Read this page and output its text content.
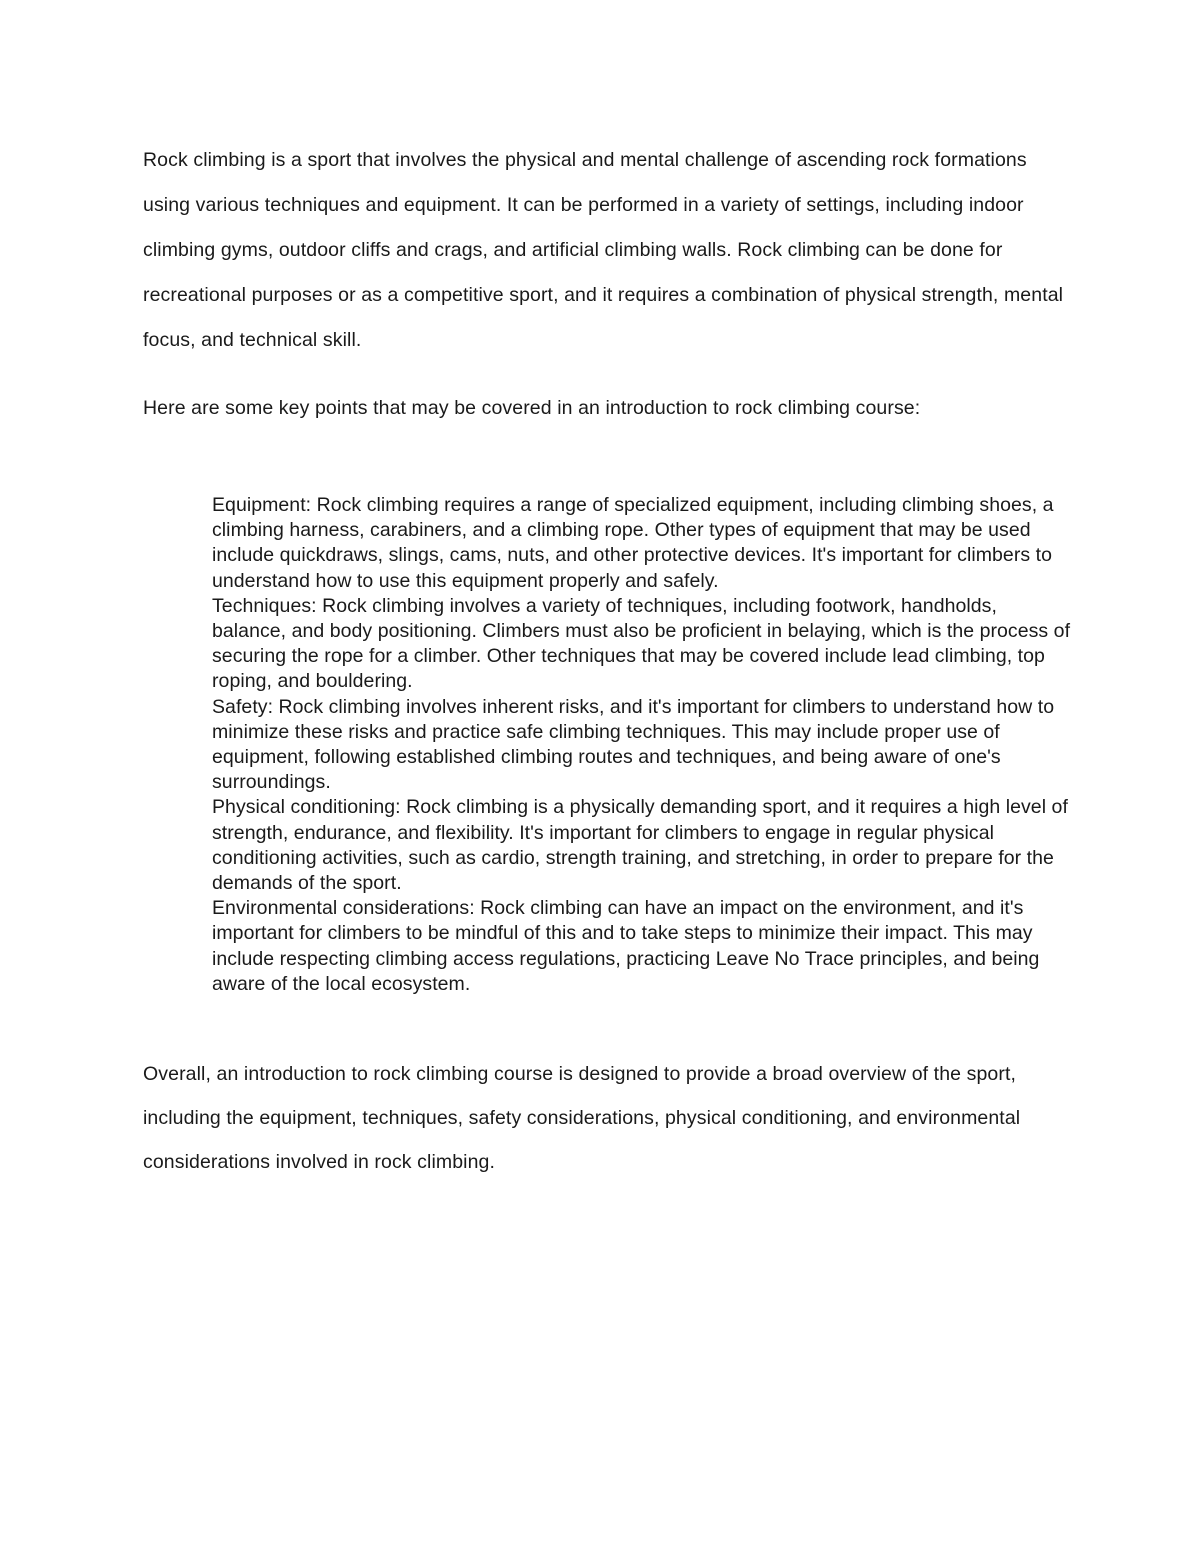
Rock climbing is a sport that involves the physical and mental challenge of ascending rock formations using various techniques and equipment. It can be performed in a variety of settings, including indoor climbing gyms, outdoor cliffs and crags, and artificial climbing walls. Rock climbing can be done for recreational purposes or as a competitive sport, and it requires a combination of physical strength, mental focus, and technical skill.

Here are some key points that may be covered in an introduction to rock climbing course:

Equipment: Rock climbing requires a range of specialized equipment, including climbing shoes, a climbing harness, carabiners, and a climbing rope. Other types of equipment that may be used include quickdraws, slings, cams, nuts, and other protective devices. It's important for climbers to understand how to use this equipment properly and safely.
Techniques: Rock climbing involves a variety of techniques, including footwork, handholds, balance, and body positioning. Climbers must also be proficient in belaying, which is the process of securing the rope for a climber. Other techniques that may be covered include lead climbing, top roping, and bouldering.
Safety: Rock climbing involves inherent risks, and it's important for climbers to understand how to minimize these risks and practice safe climbing techniques. This may include proper use of equipment, following established climbing routes and techniques, and being aware of one's surroundings.
Physical conditioning: Rock climbing is a physically demanding sport, and it requires a high level of strength, endurance, and flexibility. It's important for climbers to engage in regular physical conditioning activities, such as cardio, strength training, and stretching, in order to prepare for the demands of the sport.
Environmental considerations: Rock climbing can have an impact on the environment, and it's important for climbers to be mindful of this and to take steps to minimize their impact. This may include respecting climbing access regulations, practicing Leave No Trace principles, and being aware of the local ecosystem.

Overall, an introduction to rock climbing course is designed to provide a broad overview of the sport, including the equipment, techniques, safety considerations, physical conditioning, and environmental considerations involved in rock climbing.
